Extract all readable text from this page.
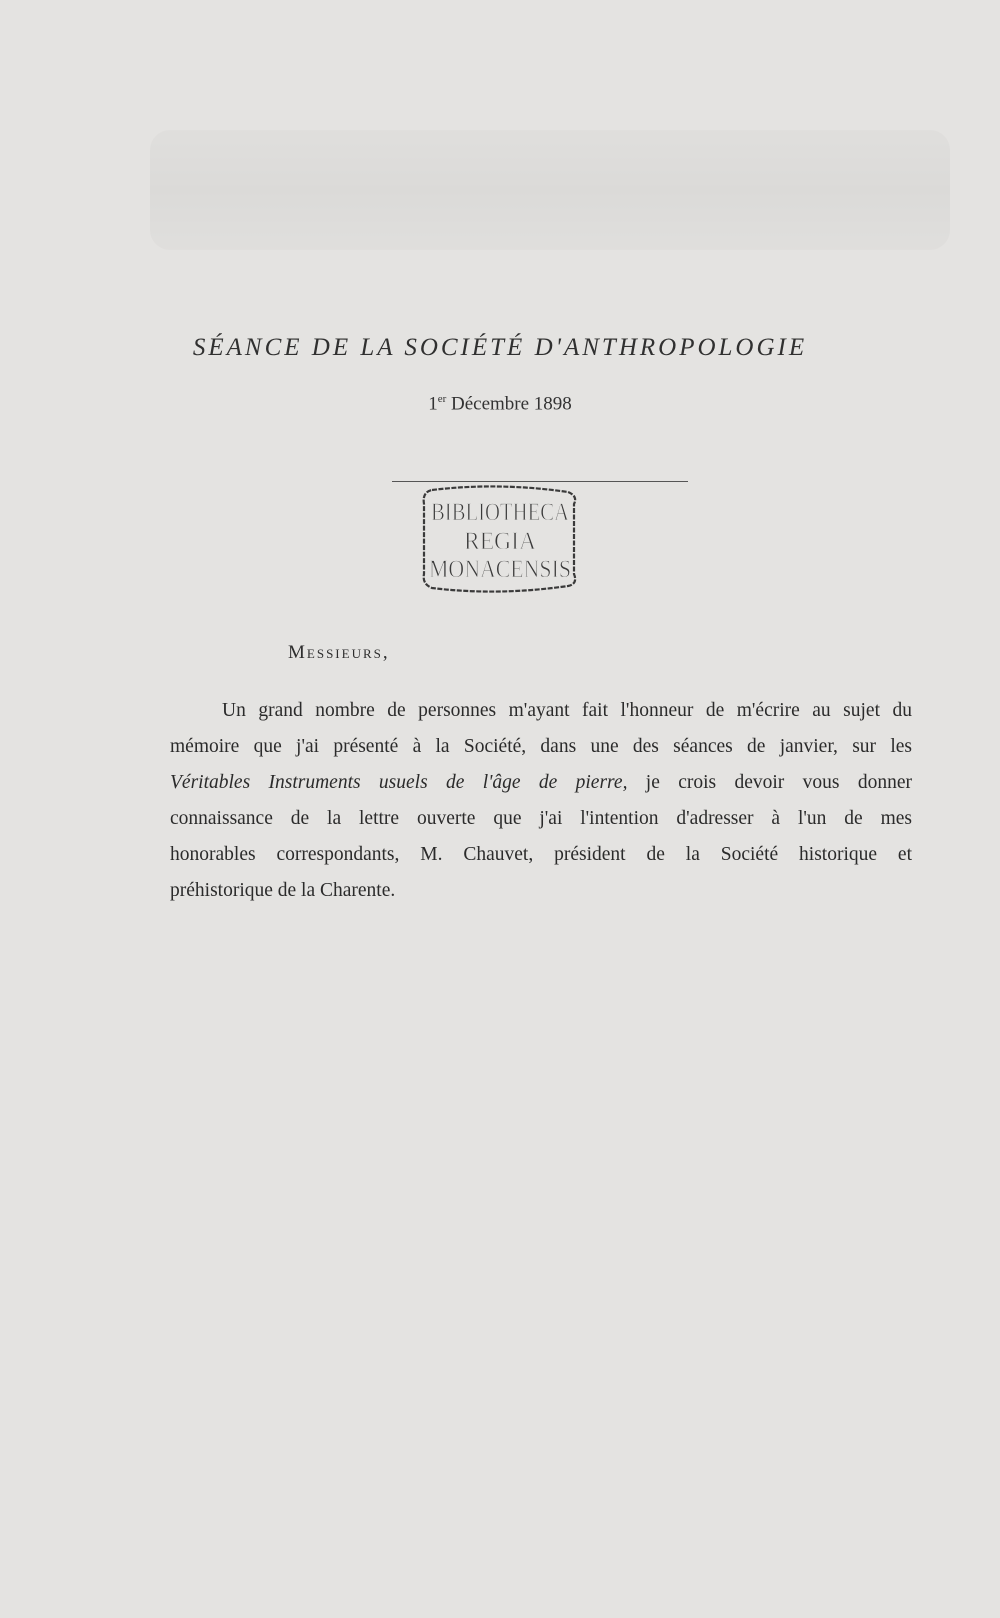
SÉANCE DE LA SOCIÉTÉ D'ANTHROPOLOGIE
1er Décembre 1898
BIBLIOTHECA
REGIA
MONACENSIS
Messieurs,
Un grand nombre de personnes m'ayant fait l'honneur de m'écrire au sujet du
mémoire que j'ai présenté à la Société, dans une des séances de janvier, sur les
Véritables Instruments usuels de l'âge de pierre, je crois devoir vous donner
connaissance de la lettre ouverte que j'ai l'intention d'adresser à l'un de mes
honorables correspondants, M. Chauvet, président de la Société historique et
préhistorique de la Charente.
